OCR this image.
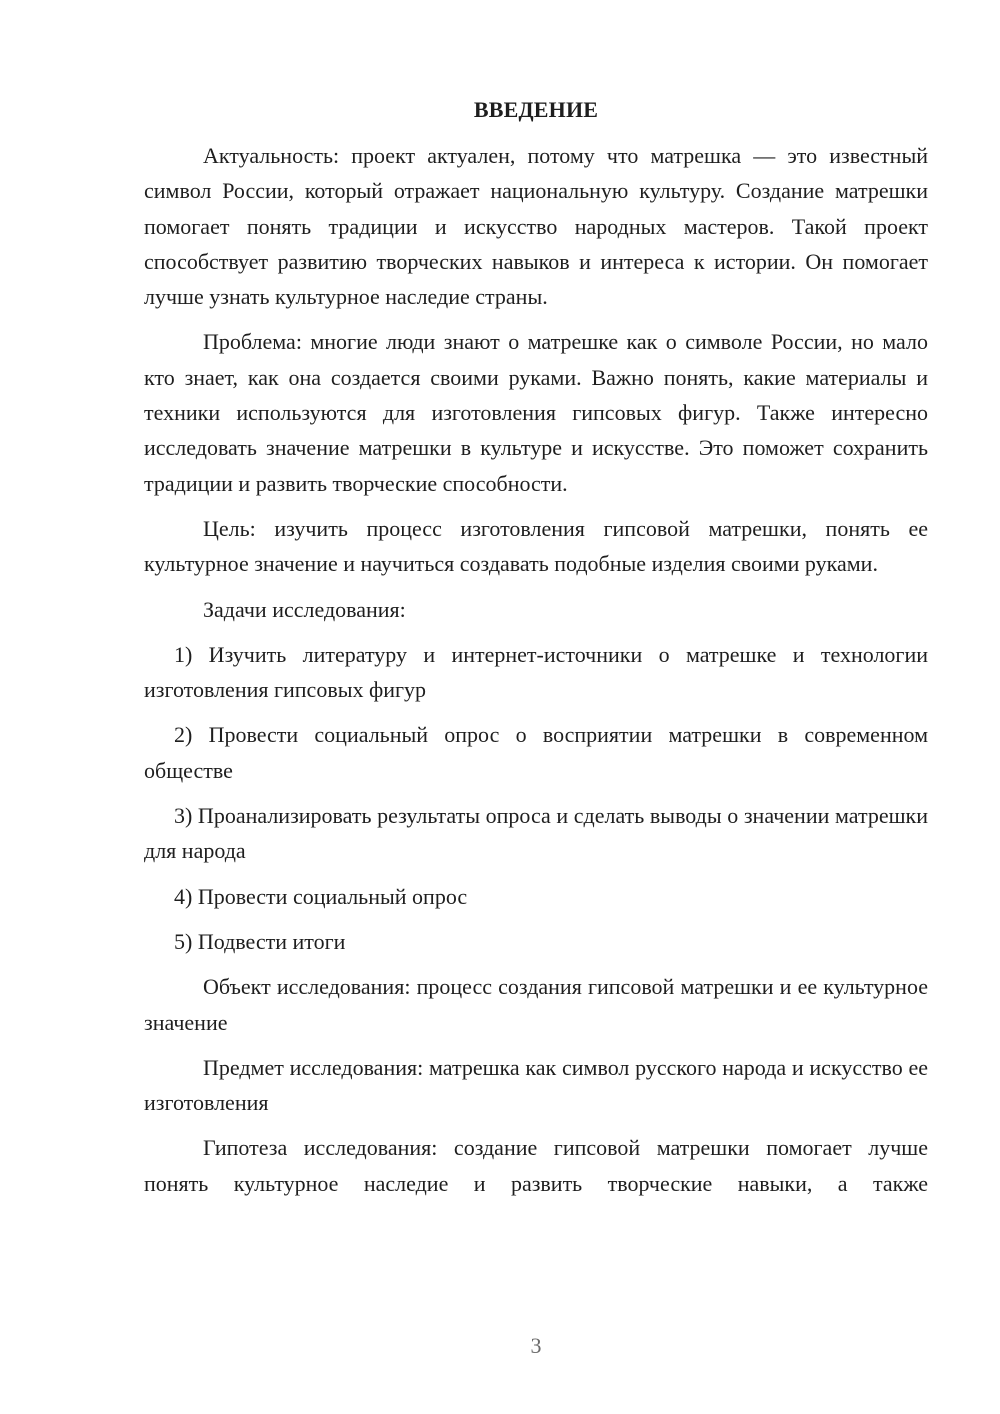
ВВЕДЕНИЕ

Актуальность: проект актуален, потому что матрешка — это известный символ России, который отражает национальную культуру. Создание матрешки помогает понять традиции и искусство народных мастеров. Такой проект способствует развитию творческих навыков и интереса к истории. Он помогает лучше узнать культурное наследие страны.

Проблема: многие люди знают о матрешке как о символе России, но мало кто знает, как она создается своими руками. Важно понять, какие материалы и техники используются для изготовления гипсовых фигур. Также интересно исследовать значение матрешки в культуре и искусстве. Это поможет сохранить традиции и развить творческие способности.

Цель: изучить процесс изготовления гипсовой матрешки, понять ее культурное значение и научиться создавать подобные изделия своими руками.

Задачи исследования:

1) Изучить литературу и интернет-источники о матрешке и технологии изготовления гипсовых фигур

2) Провести социальный опрос о восприятии матрешки в современном обществе

3) Проанализировать результаты опроса и сделать выводы о значении матрешки для народа

4) Провести социальный опрос

5) Подвести итоги

Объект исследования: процесс создания гипсовой матрешки и ее культурное значение

Предмет исследования: матрешка как символ русского народа и искусство ее изготовления

Гипотеза исследования: создание гипсовой матрешки помогает лучше понять культурное наследие и развить творческие навыки, а также

3
